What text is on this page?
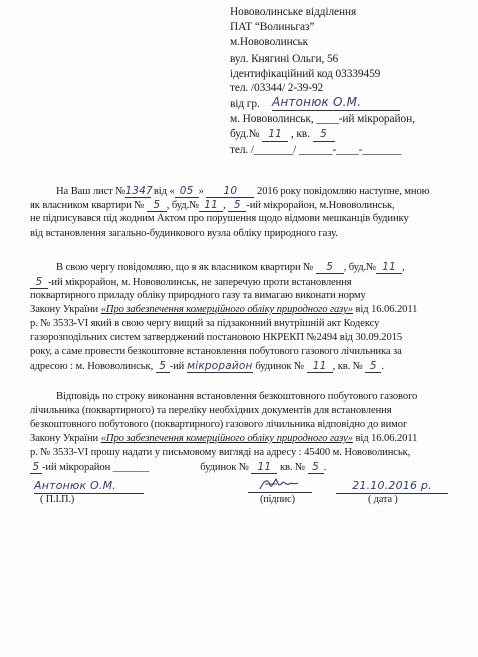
Нововолинське відділення
ПАТ “Волиньгаз”
м.Нововолинськ
вул. Княгині Ольги, 56
ідентифікаційний код 03339459
тел. /03344/ 2-39-92
від гр. Антонюк О.М.
м. Нововолинськ, ____-ий мікрорайон,
буд.№ 11 , кв. 5
тел. /_______/ ______-____-_______
На Ваш лист №1347 від « 05 » 10 2016 року повідомляю наступне, мною
як власником квартири № 5 , буд.№ 11 , 5 -ий мікрорайон, м.Нововолинськ,
не підписувався під жодним Актом про порушення щодо відмови мешканців будинку
від встановлення загально-будинкового вузла обліку природного газу.
В свою чергу повідомляю, що я як власником квартири № 5 , буд.№ 11 ,
5 -ий мікрорайон, м. Нововолинськ, не заперечую проти встановлення
поквартирного приладу обліку природного газу та вимагаю виконати норму
Закону України «Про забезпечення комерційного обліку природного газу» від 16.06.2011
р. № 3533-VI який в свою чергу вищий за підзаконний внутрішній акт Кодексу
газорозподільних систем затверджений постановою НКРЕКП №2494 від 30.09.2015
року, а саме провести безкоштовне встановлення побутового газового лічильника за
адресою : м. Нововолинськ, 5 -ий мікрорайон будинок № 11 , кв. № 5 .
Відповідь по строку виконання встановлення безкоштовного побутового газового
лічильника (поквартирного) та переліку необхідних документів для встановлення
безкоштовного побутового (поквартирного) газового лічильника відповідно до вимог
Закону України «Про забезпечення комерційного обліку природного газу» від 16.06.2011
р. № 3533-VI прошу надати у письмовому вигляді на адресу : 45400 м. Нововолинськ,
5 -ий мікрорайон _______	будинок № 11 кв. № 5 .
Антонюк О.М.
( П.І.П.)	(підпис)
21.10.2016 р.
( дата )
